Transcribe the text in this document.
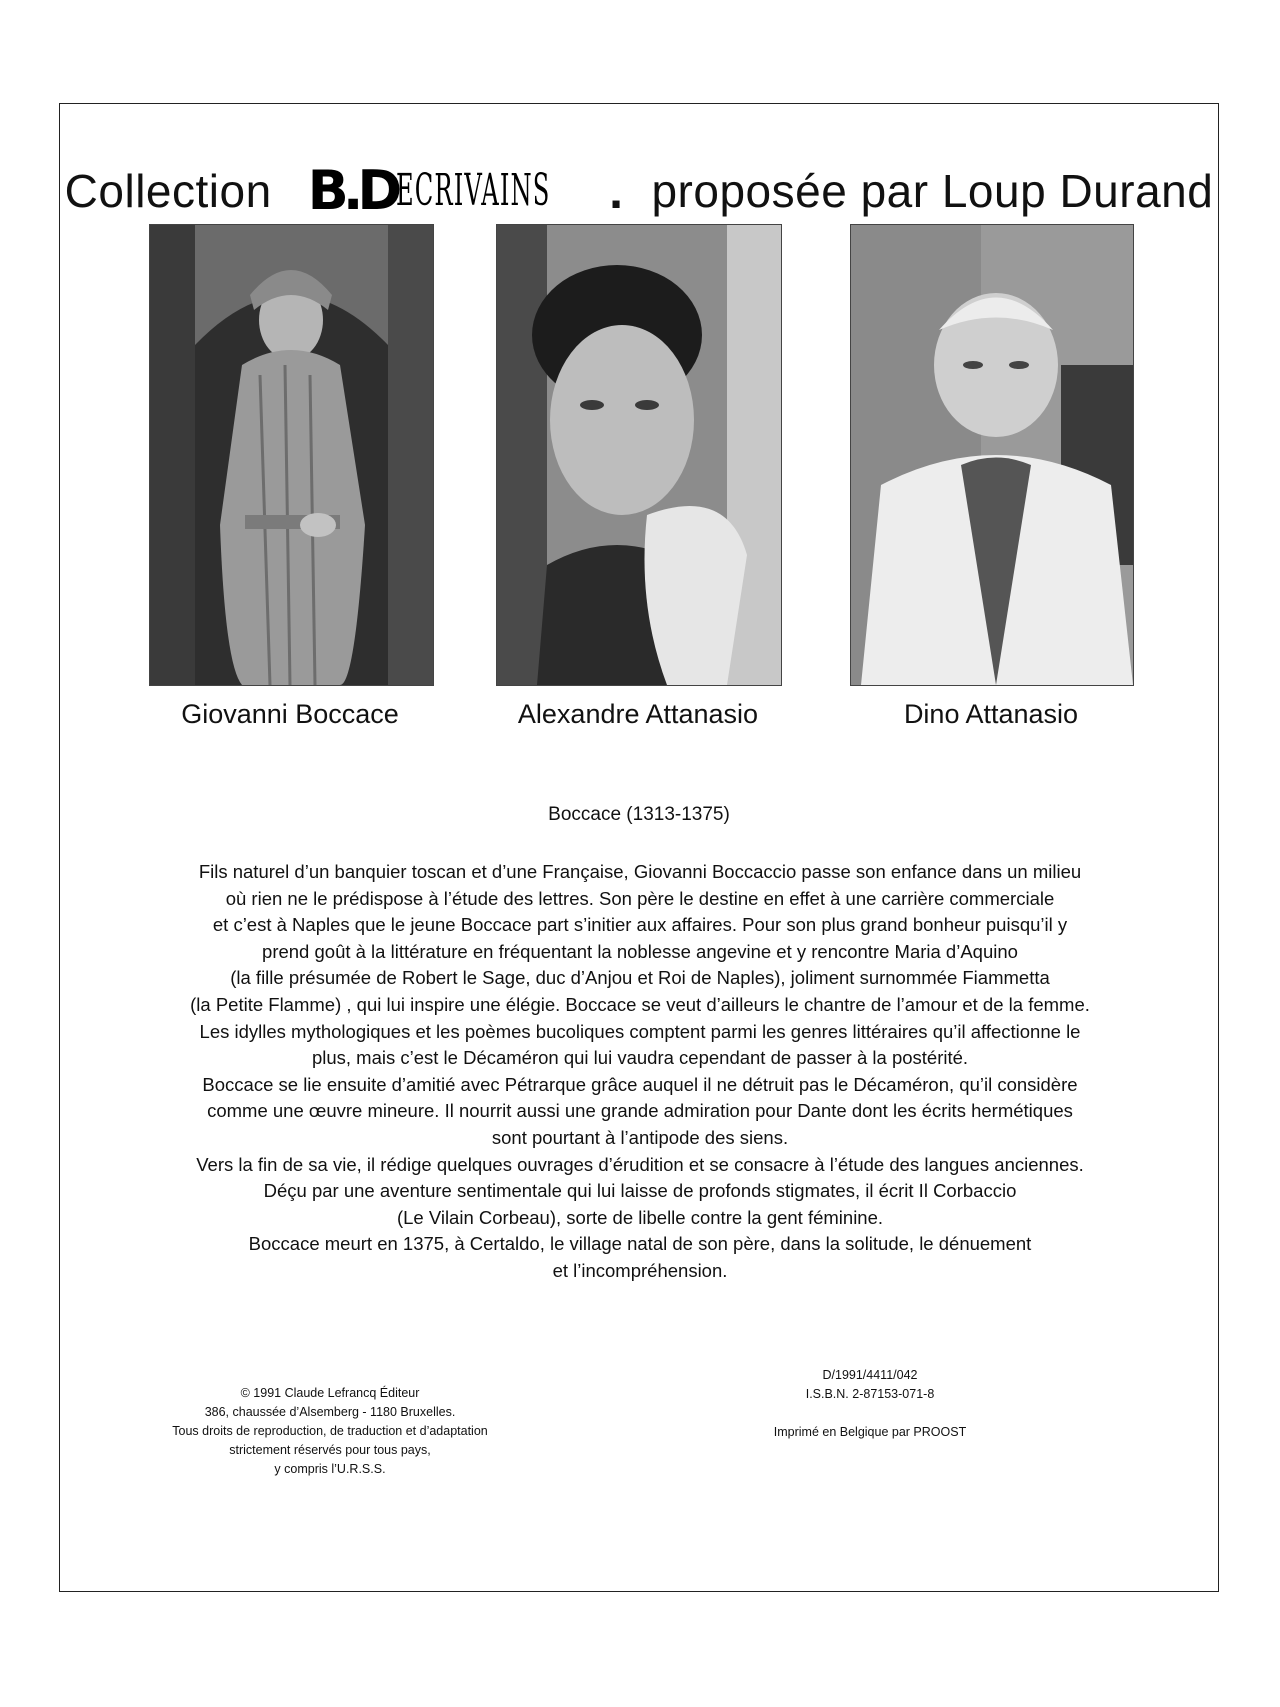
Collection B.D ECRIVAINS . proposée par Loup Durand
Giovanni Boccace	Alexandre Attanasio	Dino Attanasio
Boccace (1313-1375)

Fils naturel d’un banquier toscan et d’une Française, Giovanni Boccaccio passe son enfance dans un milieu

où rien ne le prédispose à l’étude des lettres. Son père le destine en effet à une carrière commerciale

et c’est à Naples que le jeune Boccace part s’initier aux affaires. Pour son plus grand bonheur puisqu’il y

prend goût à la littérature en fréquentant la noblesse angevine et y rencontre Maria d’Aquino

(la fille présumée de Robert le Sage, duc d’Anjou et Roi de Naples), joliment surnommée Fiammetta

(la Petite Flamme) , qui lui inspire une élégie. Boccace se veut d’ailleurs le chantre de l’amour et de la femme.

Les idylles mythologiques et les poèmes bucoliques comptent parmi les genres littéraires qu’il affectionne le

plus, mais c’est le Décaméron qui lui vaudra cependant de passer à la postérité.

Boccace se lie ensuite d’amitié avec Pétrarque grâce auquel il ne détruit pas le Décaméron, qu’il considère

comme une œuvre mineure. Il nourrit aussi une grande admiration pour Dante dont les écrits hermétiques

sont pourtant à l’antipode des siens.

Vers la fin de sa vie, il rédige quelques ouvrages d’érudition et se consacre à l’étude des langues anciennes.

Déçu par une aventure sentimentale qui lui laisse de profonds stigmates, il écrit Il Corbaccio

(Le Vilain Corbeau), sorte de libelle contre la gent féminine.

Boccace meurt en 1375, à Certaldo, le village natal de son père, dans la solitude, le dénuement

et l’incompréhension.

© 1991 Claude Lefrancq Éditeur
386, chaussée d’Alsemberg - 1180 Bruxelles.
Tous droits de reproduction, de traduction et d’adaptation
strictement réservés pour tous pays,
y compris l’U.R.S.S.
D/1991/4411/042
I.S.B.N. 2-87153-071-8
Imprimé en Belgique par PROOST
